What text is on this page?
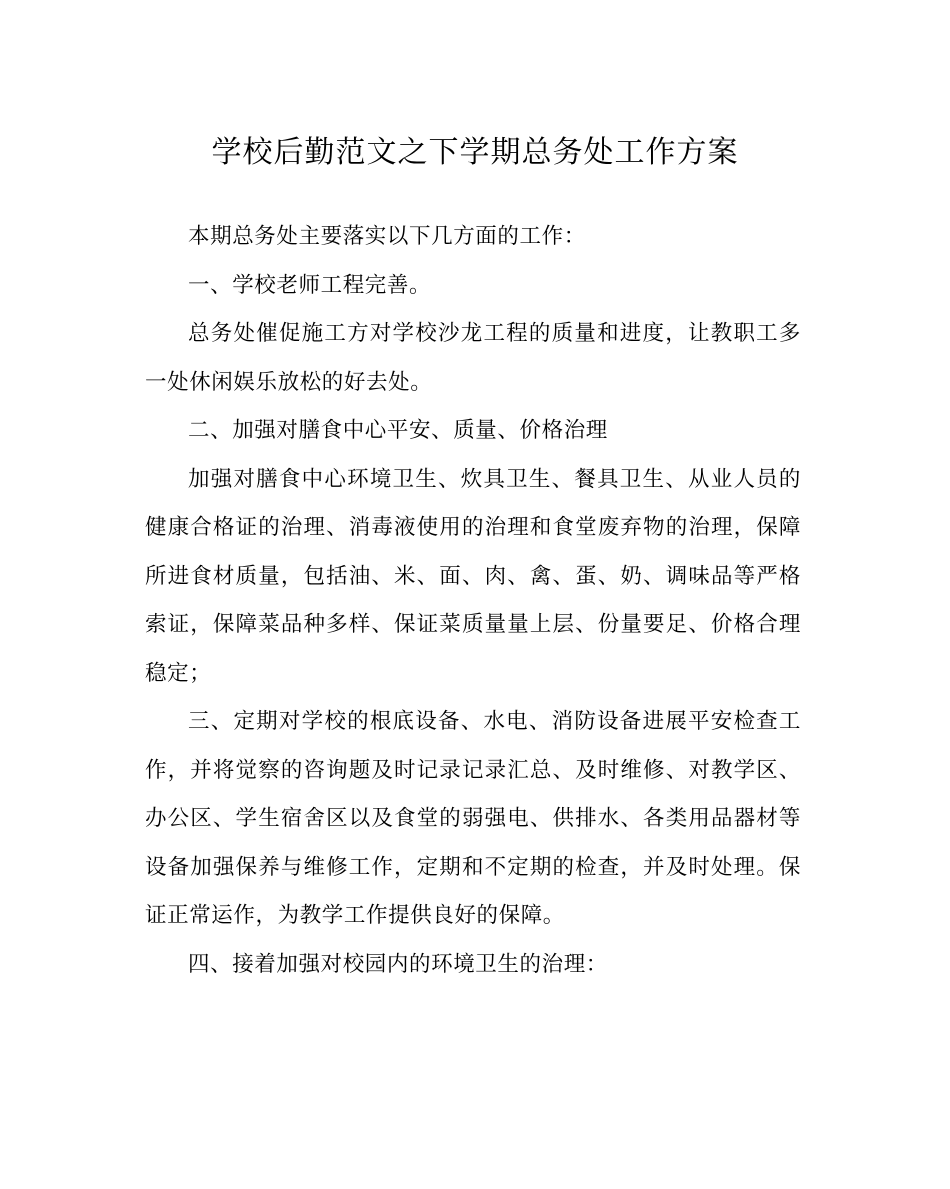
学校后勤范文之下学期总务处工作方案

本期总务处主要落实以下几方面的工作：

一、学校老师工程完善。

总务处催促施工方对学校沙龙工程的质量和进度，让教职工多一处休闲娱乐放松的好去处。

二、加强对膳食中心平安、质量、价格治理

加强对膳食中心环境卫生、炊具卫生、餐具卫生、从业人员的健康合格证的治理、消毒液使用的治理和食堂废弃物的治理，保障所进食材质量，包括油、米、面、肉、禽、蛋、奶、调味品等严格索证，保障菜品种多样、保证菜质量量上层、份量要足、价格合理稳定；

三、定期对学校的根底设备、水电、消防设备进展平安检查工作，并将觉察的咨询题及时记录记录汇总、及时维修、对教学区、办公区、学生宿舍区以及食堂的弱强电、供排水、各类用品器材等设备加强保养与维修工作，定期和不定期的检查，并及时处理。保证正常运作，为教学工作提供良好的保障。

四、接着加强对校园内的环境卫生的治理：
